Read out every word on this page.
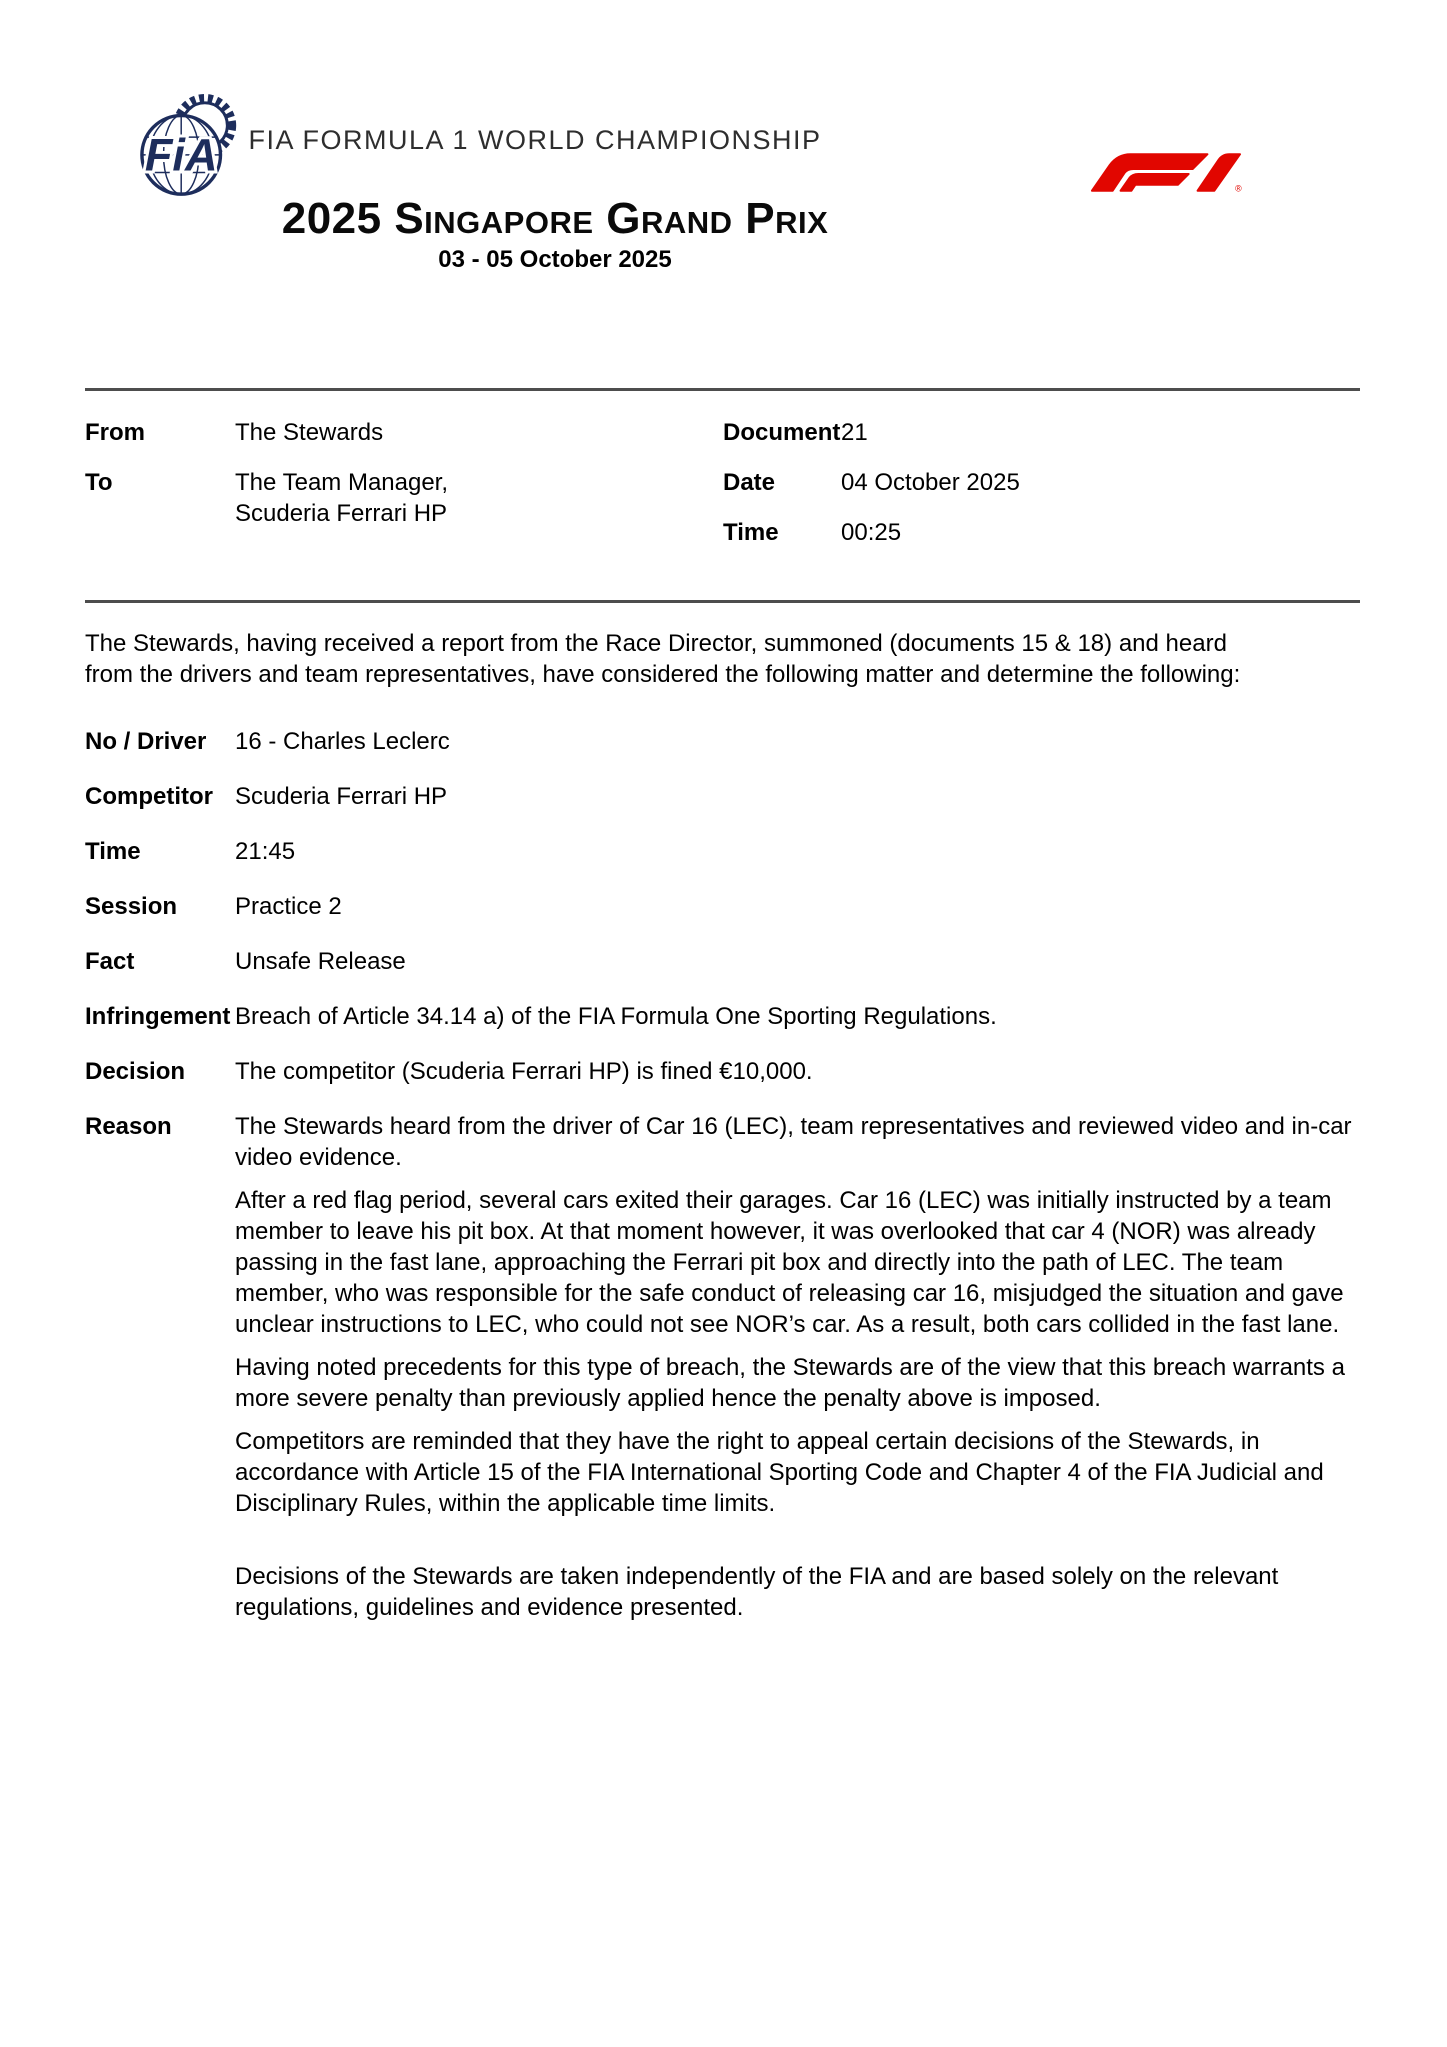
FiA	FIA FORMULA 1 WORLD CHAMPIONSHIP
®
2025 Singapore Grand Prix
03 - 05 October 2025
From	The Stewards
To	The Team Manager,
Scuderia Ferrari HP
Document 21
Date	04 October 2025
Time	00:25

The Stewards, having received a report from the Race Director, summoned (documents 15 & 18) and heard from the drivers and team representatives, have considered the following matter and determine the following:

No / Driver	16 - Charles Leclerc
Competitor Scuderia Ferrari HP
Time	21:45
Session	Practice 2
Fact	Unsafe Release
Infringement Breach of Article 34.14 a) of the FIA Formula One Sporting Regulations.
Decision	The competitor (Scuderia Ferrari HP) is fined €10,000.
Reason	The Stewards heard from the driver of Car 16 (LEC), team representatives and reviewed video and in-car video evidence.

After a red flag period, several cars exited their garages. Car 16 (LEC) was initially instructed by a team member to leave his pit box. At that moment however, it was overlooked that car 4 (NOR) was already passing in the fast lane, approaching the Ferrari pit box and directly into the path of LEC. The team member, who was responsible for the safe conduct of releasing car 16, misjudged the situation and gave unclear instructions to LEC, who could not see NOR’s car. As a result, both cars collided in the fast lane.

Having noted precedents for this type of breach, the Stewards are of the view that this breach warrants a more severe penalty than previously applied hence the penalty above is imposed.

Competitors are reminded that they have the right to appeal certain decisions of the Stewards, in accordance with Article 15 of the FIA International Sporting Code and Chapter 4 of the FIA Judicial and Disciplinary Rules, within the applicable time limits.

Decisions of the Stewards are taken independently of the FIA and are based solely on the relevant regulations, guidelines and evidence presented.
